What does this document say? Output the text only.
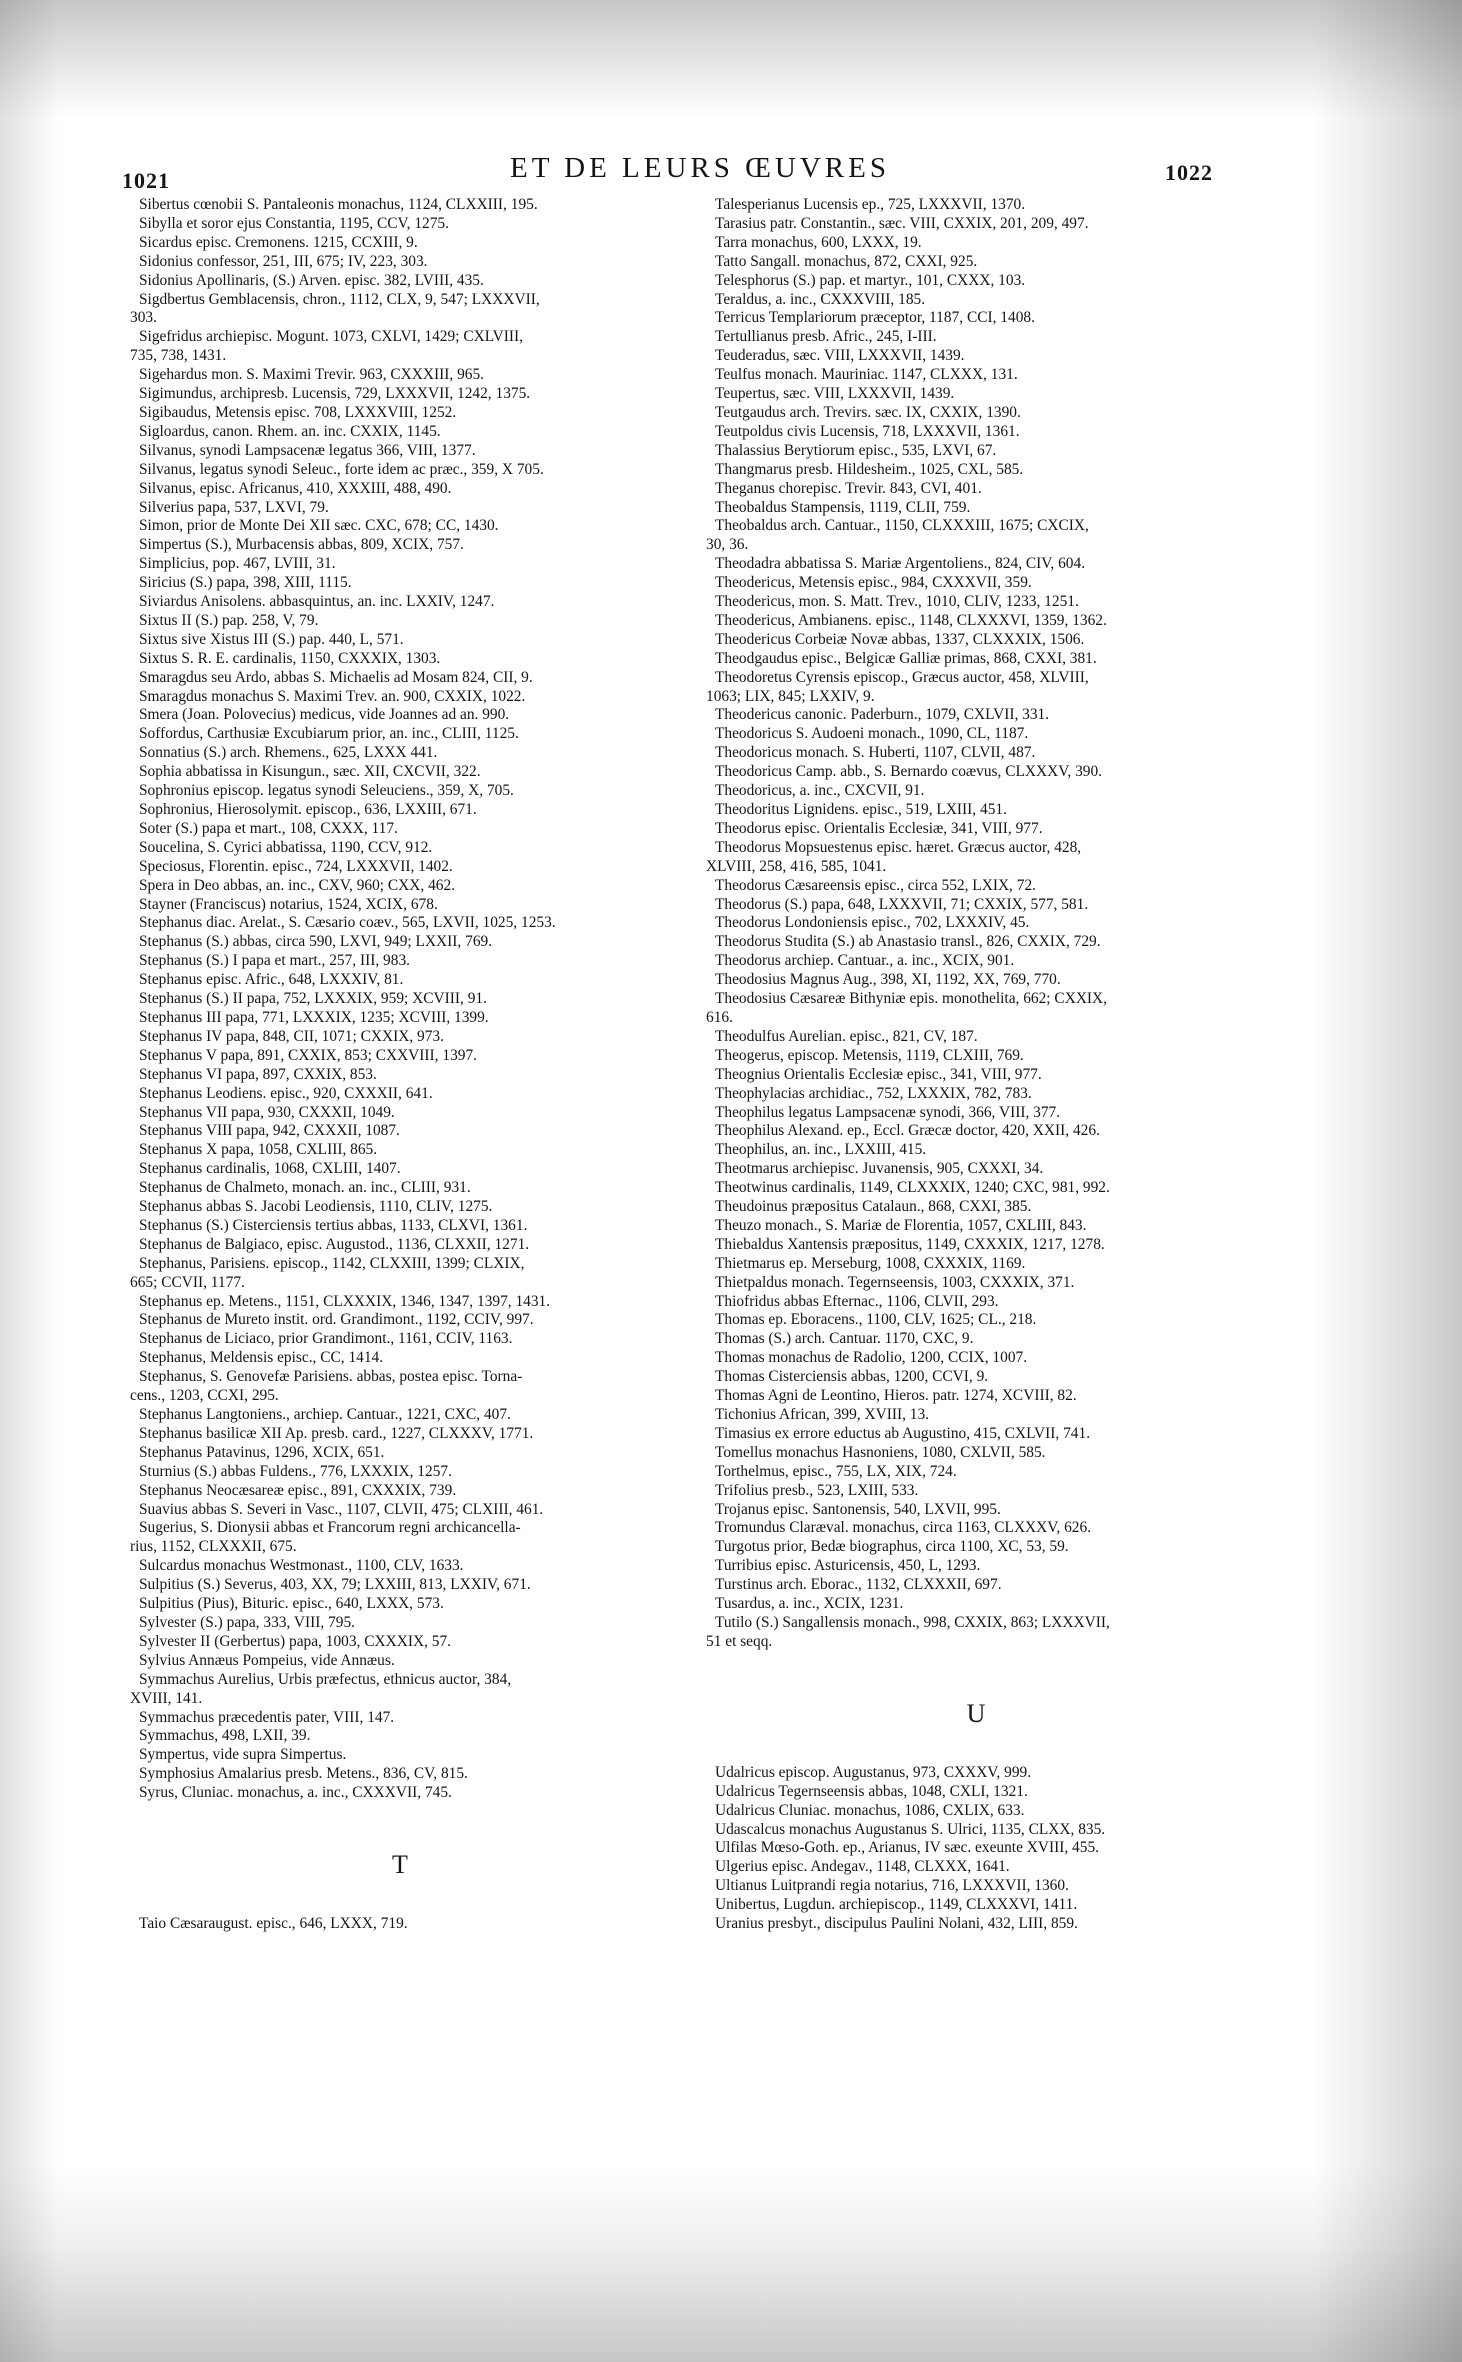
1021	ET DE LEURS ŒUVRES	1022
Sibertus cœnobii S. Pantaleonis monachus, 1124, CLXXIII, 195.
Sibylla et soror ejus Constantia, 1195, CCV, 1275.
Sicardus episc. Cremonens. 1215, CCXIII, 9.
Sidonius confessor, 251, III, 675; IV, 223, 303.
Sidonius Apollinaris, (S.) Arven. episc. 382, LVIII, 435.
Sigdbertus Gemblacensis, chron., 1112, CLX, 9, 547; LXXXVII,
303.
Sigefridus archiepisc. Mogunt. 1073, CXLVI, 1429; CXLVIII,
735, 738, 1431.
Sigehardus mon. S. Maximi Trevir. 963, CXXXIII, 965.
Sigimundus, archipresb. Lucensis, 729, LXXXVII, 1242, 1375.
Sigibaudus, Metensis episc. 708, LXXXVIII, 1252.
Sigloardus, canon. Rhem. an. inc. CXXIX, 1145.
Silvanus, synodi Lampsacenæ legatus 366, VIII, 1377.
Silvanus, legatus synodi Seleuc., forte idem ac præc., 359, X 705.
Silvanus, episc. Africanus, 410, XXXIII, 488, 490.
Silverius papa, 537, LXVI, 79.
Simon, prior de Monte Dei XII sæc. CXC, 678; CC, 1430.
Simpertus (S.), Murbacensis abbas, 809, XCIX, 757.
Simplicius, pop. 467, LVIII, 31.
Siricius (S.) papa, 398, XIII, 1115.
Siviardus Anisolens. abbasquintus, an. inc. LXXIV, 1247.
Sixtus II (S.) pap. 258, V, 79.
Sixtus sive Xistus III (S.) pap. 440, L, 571.
Sixtus S. R. E. cardinalis, 1150, CXXXIX, 1303.
Smaragdus seu Ardo, abbas S. Michaelis ad Mosam 824, CII, 9.
Smaragdus monachus S. Maximi Trev. an. 900, CXXIX, 1022.
Smera (Joan. Polovecius) medicus, vide Joannes ad an. 990.
Soffordus, Carthusiæ Excubiarum prior, an. inc., CLIII, 1125.
Sonnatius (S.) arch. Rhemens., 625, LXXX 441.
Sophia abbatissa in Kisungun., sæc. XII, CXCVII, 322.
Sophronius episcop. legatus synodi Seleuciens., 359, X, 705.
Sophronius, Hierosolymit. episcop., 636, LXXIII, 671.
Soter (S.) papa et mart., 108, CXXX, 117.
Soucelina, S. Cyrici abbatissa, 1190, CCV, 912.
Speciosus, Florentin. episc., 724, LXXXVII, 1402.
Spera in Deo abbas, an. inc., CXV, 960; CXX, 462.
Stayner (Franciscus) notarius, 1524, XCIX, 678.
Stephanus diac. Arelat., S. Cæsario coæv., 565, LXVII, 1025, 1253.
Stephanus (S.) abbas, circa 590, LXVI, 949; LXXII, 769.
Stephanus (S.) I papa et mart., 257, III, 983.
Stephanus episc. Afric., 648, LXXXIV, 81.
Stephanus (S.) II papa, 752, LXXXIX, 959; XCVIII, 91.
Stephanus III papa, 771, LXXXIX, 1235; XCVIII, 1399.
Stephanus IV papa, 848, CII, 1071; CXXIX, 973.
Stephanus V papa, 891, CXXIX, 853; CXXVIII, 1397.
Stephanus VI papa, 897, CXXIX, 853.
Stephanus Leodiens. episc., 920, CXXXII, 641.
Stephanus VII papa, 930, CXXXII, 1049.
Stephanus VIII papa, 942, CXXXII, 1087.
Stephanus X papa, 1058, CXLIII, 865.
Stephanus cardinalis, 1068, CXLIII, 1407.
Stephanus de Chalmeto, monach. an. inc., CLIII, 931.
Stephanus abbas S. Jacobi Leodiensis, 1110, CLIV, 1275.
Stephanus (S.) Cisterciensis tertius abbas, 1133, CLXVI, 1361.
Stephanus de Balgiaco, episc. Augustod., 1136, CLXXII, 1271.
Stephanus, Parisiens. episcop., 1142, CLXXIII, 1399; CLXIX,
665; CCVII, 1177.
Stephanus ep. Metens., 1151, CLXXXIX, 1346, 1347, 1397, 1431.
Stephanus de Mureto instit. ord. Grandimont., 1192, CCIV, 997.
Stephanus de Liciaco, prior Grandimont., 1161, CCIV, 1163.
Stephanus, Meldensis episc., CC, 1414.
Stephanus, S. Genovefæ Parisiens. abbas, postea episc. Torna-
cens., 1203, CCXI, 295.
Stephanus Langtoniens., archiep. Cantuar., 1221, CXC, 407.
Stephanus basilicæ XII Ap. presb. card., 1227, CLXXXV, 1771.
Stephanus Patavinus, 1296, XCIX, 651.
Sturnius (S.) abbas Fuldens., 776, LXXXIX, 1257.
Stephanus Neocæsareæ episc., 891, CXXXIX, 739.
Suavius abbas S. Severi in Vasc., 1107, CLVII, 475; CLXIII, 461.
Sugerius, S. Dionysii abbas et Francorum regni archicancella-
rius, 1152, CLXXXII, 675.
Sulcardus monachus Westmonast., 1100, CLV, 1633.
Sulpitius (S.) Severus, 403, XX, 79; LXXIII, 813, LXXIV, 671.
Sulpitius (Pius), Bituric. episc., 640, LXXX, 573.
Sylvester (S.) papa, 333, VIII, 795.
Sylvester II (Gerbertus) papa, 1003, CXXXIX, 57.
Sylvius Annæus Pompeius, vide Annæus.
Symmachus Aurelius, Urbis præfectus, ethnicus auctor, 384,
XVIII, 141.
Symmachus præcedentis pater, VIII, 147.
Symmachus, 498, LXII, 39.
Sympertus, vide supra Simpertus.
Symphosius Amalarius presb. Metens., 836, CV, 815.
Syrus, Cluniac. monachus, a. inc., CXXXVII, 745.
T
Taio Cæsaraugust. episc., 646, LXXX, 719.
Talesperianus Lucensis ep., 725, LXXXVII, 1370.
Tarasius patr. Constantin., sæc. VIII, CXXIX, 201, 209, 497.
Tarra monachus, 600, LXXX, 19.
Tatto Sangall. monachus, 872, CXXI, 925.
Telesphorus (S.) pap. et martyr., 101, CXXX, 103.
Teraldus, a. inc., CXXXVIII, 185.
Terricus Templariorum præceptor, 1187, CCI, 1408.
Tertullianus presb. Afric., 245, I-III.
Teuderadus, sæc. VIII, LXXXVII, 1439.
Teulfus monach. Mauriniac. 1147, CLXXX, 131.
Teupertus, sæc. VIII, LXXXVII, 1439.
Teutgaudus arch. Trevirs. sæc. IX, CXXIX, 1390.
Teutpoldus civis Lucensis, 718, LXXXVII, 1361.
Thalassius Berytiorum episc., 535, LXVI, 67.
Thangmarus presb. Hildesheim., 1025, CXL, 585.
Theganus chorepisc. Trevir. 843, CVI, 401.
Theobaldus Stampensis, 1119, CLII, 759.
Theobaldus arch. Cantuar., 1150, CLXXXIII, 1675; CXCIX,
30, 36.
Theodadra abbatissa S. Mariæ Argentoliens., 824, CIV, 604.
Theodericus, Metensis episc., 984, CXXXVII, 359.
Theodericus, mon. S. Matt. Trev., 1010, CLIV, 1233, 1251.
Theodericus, Ambianens. episc., 1148, CLXXXVI, 1359, 1362.
Theodericus Corbeiæ Novæ abbas, 1337, CLXXXIX, 1506.
Theodgaudus episc., Belgicæ Galliæ primas, 868, CXXI, 381.
Theodoretus Cyrensis episcop., Græcus auctor, 458, XLVIII,
1063; LIX, 845; LXXIV, 9.
Theodericus canonic. Paderburn., 1079, CXLVII, 331.
Theodoricus S. Audoeni monach., 1090, CL, 1187.
Theodoricus monach. S. Huberti, 1107, CLVII, 487.
Theodoricus Camp. abb., S. Bernardo coævus, CLXXXV, 390.
Theodoricus, a. inc., CXCVII, 91.
Theodoritus Lignidens. episc., 519, LXIII, 451.
Theodorus episc. Orientalis Ecclesiæ, 341, VIII, 977.
Theodorus Mopsuestenus episc. hæret. Græcus auctor, 428,
XLVIII, 258, 416, 585, 1041.
Theodorus Cæsareensis episc., circa 552, LXIX, 72.
Theodorus (S.) papa, 648, LXXXVII, 71; CXXIX, 577, 581.
Theodorus Londoniensis episc., 702, LXXXIV, 45.
Theodorus Studita (S.) ab Anastasio transl., 826, CXXIX, 729.
Theodorus archiep. Cantuar., a. inc., XCIX, 901.
Theodosius Magnus Aug., 398, XI, 1192, XX, 769, 770.
Theodosius Cæsareæ Bithyniæ epis. monothelita, 662; CXXIX,
616.
Theodulfus Aurelian. episc., 821, CV, 187.
Theogerus, episcop. Metensis, 1119, CLXIII, 769.
Theognius Orientalis Ecclesiæ episc., 341, VIII, 977.
Theophylacias archidiac., 752, LXXXIX, 782, 783.
Theophilus legatus Lampsacenæ synodi, 366, VIII, 377.
Theophilus Alexand. ep., Eccl. Græcæ doctor, 420, XXII, 426.
Theophilus, an. inc., LXXIII, 415.
Theotmarus archiepisc. Juvanensis, 905, CXXXI, 34.
Theotwinus cardinalis, 1149, CLXXXIX, 1240; CXC, 981, 992.
Theudoinus præpositus Catalaun., 868, CXXI, 385.
Theuzo monach., S. Mariæ de Florentia, 1057, CXLIII, 843.
Thiebaldus Xantensis præpositus, 1149, CXXXIX, 1217, 1278.
Thietmarus ep. Merseburg, 1008, CXXXIX, 1169.
Thietpaldus monach. Tegernseensis, 1003, CXXXIX, 371.
Thiofridus abbas Efternac., 1106, CLVII, 293.
Thomas ep. Eboracens., 1100, CLV, 1625; CL., 218.
Thomas (S.) arch. Cantuar. 1170, CXC, 9.
Thomas monachus de Radolio, 1200, CCIX, 1007.
Thomas Cisterciensis abbas, 1200, CCVI, 9.
Thomas Agni de Leontino, Hieros. patr. 1274, XCVIII, 82.
Tichonius African, 399, XVIII, 13.
Timasius ex errore eductus ab Augustino, 415, CXLVII, 741.
Tomellus monachus Hasnoniens, 1080, CXLVII, 585.
Torthelmus, episc., 755, LX, XIX, 724.
Trifolius presb., 523, LXIII, 533.
Trojanus episc. Santonensis, 540, LXVII, 995.
Tromundus Claræval. monachus, circa 1163, CLXXXV, 626.
Turgotus prior, Bedæ biographus, circa 1100, XC, 53, 59.
Turribius episc. Asturicensis, 450, L, 1293.
Turstinus arch. Eborac., 1132, CLXXXII, 697.
Tusardus, a. inc., XCIX, 1231.
Tutilo (S.) Sangallensis monach., 998, CXXIX, 863; LXXXVII,
51 et seqq.
U
Udalricus episcop. Augustanus, 973, CXXXV, 999.
Udalricus Tegernseensis abbas, 1048, CXLI, 1321.
Udalricus Cluniac. monachus, 1086, CXLIX, 633.
Udascalcus monachus Augustanus S. Ulrici, 1135, CLXX, 835.
Ulfilas Mœso-Goth. ep., Arianus, IV sæc. exeunte XVIII, 455.
Ulgerius episc. Andegav., 1148, CLXXX, 1641.
Ultianus Luitprandi regia notarius, 716, LXXXVII, 1360.
Unibertus, Lugdun. archiepiscop., 1149, CLXXXVI, 1411.
Uranius presbyt., discipulus Paulini Nolani, 432, LIII, 859.
